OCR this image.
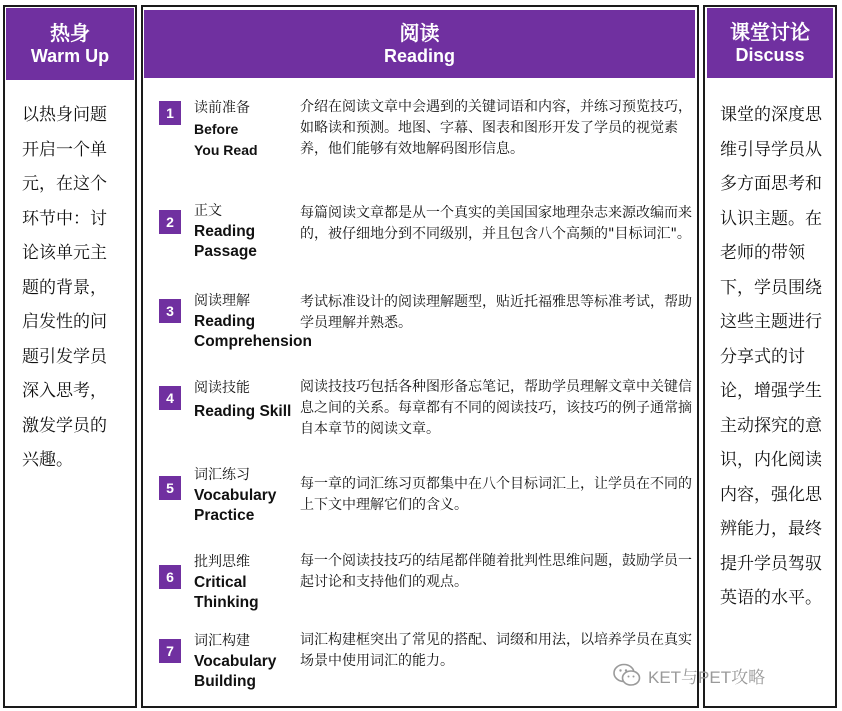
热身
Warm Up
以热身问题开启一个单元，在这个环节中：讨论该单元主题的背景，启发性的问题引发学员深入思考，激发学员的兴趣。
阅读
Reading
1	读前准备
Before You Read
介绍在阅读文章中会遇到的关键词语和内容，并练习预览技巧，如略读和预测。地图、字幕、图表和图形开发了学员的视觉素养，他们能够有效地解码图形信息。
2
正文
Reading Passage
每篇阅读文章都是从一个真实的美国国家地理杂志来源改编而来的，被仔细地分到不同级别，并且包含八个高频的"目标词汇"。
3
阅读理解
Reading Comprehension
考试标准设计的阅读理解题型，贴近托福雅思等标准考试，帮助学员理解并熟悉。
4
阅读技能
Reading Skill
阅读技技巧包括各种图形备忘笔记，帮助学员理解文章中关键信息之间的关系。每章都有不同的阅读技巧，该技巧的例子通常摘自本章节的阅读文章。
5
词汇练习
Vocabulary Practice
每一章的词汇练习页都集中在八个目标词汇上，让学员在不同的上下文中理解它们的含义。
6
批判思维
Critical Thinking
每一个阅读技技巧的结尾都伴随着批判性思维问题，鼓励学员一起讨论和支持他们的观点。
7
词汇构建
Vocabulary Building
词汇构建框突出了常见的搭配、词缀和用法，以培养学员在真实场景中使用词汇的能力。
课堂讨论
Discuss
课堂的深度思维引导学员从多方面思考和认识主题。在老师的带领下，学员围绕这些主题进行分享式的讨论，增强学生主动探究的意识，内化阅读内容，强化思辨能力，最终提升学员驾驭英语的水平。
KET与PET攻略
